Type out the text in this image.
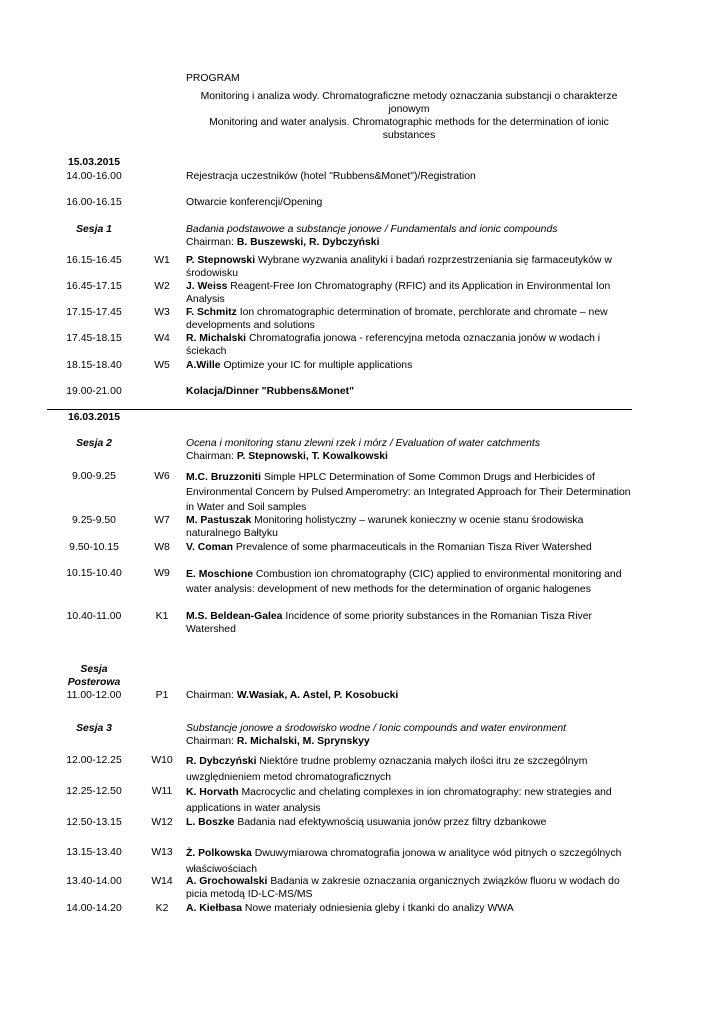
PROGRAM
Monitoring i analiza wody. Chromatograficzne metody oznaczania substancji o charakterze jonowym
Monitoring and water analysis. Chromatographic methods for the determination of ionic substances
15.03.2015
14.00-16.00	Rejestracja uczestników (hotel "Rubbens&Monet")/Registration
16.00-16.15	Otwarcie konferencji/Opening
Sesja 1	Badania podstawowe a substancje jonowe / Fundamentals and ionic compounds
Chairman: B. Buszewski, R. Dybczyński
16.15-16.45	W1	P. Stepnowski Wybrane wyzwania analityki i badań rozprzestrzeniania się farmaceutyków w środowisku
16.45-17.15	W2	J. Weiss Reagent-Free Ion Chromatography (RFIC) and its Application in Environmental Ion Analysis
17.15-17.45	W3	F. Schmitz Ion chromatographic determination of bromate, perchlorate and chromate – new developments and solutions
17.45-18.15	W4	R. Michalski Chromatografia jonowa - referencyjna metoda oznaczania jonów w wodach i ściekach
18.15-18.40	W5	A.Wille Optimize your IC for multiple applications
19.00-21.00	Kolacja/Dinner "Rubbens&Monet"
16.03.2015
Sesja 2	Ocena i monitoring stanu zlewni rzek i mórz / Evaluation of water catchments
Chairman: P. Stepnowski, T. Kowalkowski
9.00-9.25	W6	M.C. Bruzzoniti Simple HPLC Determination of Some Common Drugs and Herbicides of Environmental Concern by Pulsed Amperometry: an Integrated Approach for Their Determination in Water and Soil samples
9.25-9.50	W7	M. Pastuszak Monitoring holistyczny – warunek konieczny w ocenie stanu środowiska naturalnego Bałtyku
9.50-10.15	W8	V. Coman Prevalence of some pharmaceuticals in the Romanian Tisza River Watershed
10.15-10.40	W9	E. Moschione Combustion ion chromatography (CIC) applied to environmental monitoring and water analysis: development of new methods for the determination of organic halogenes
10.40-11.00	K1	M.S. Beldean-Galea Incidence of some priority substances in the Romanian Tisza River Watershed
Sesja
Posterowa
11.00-12.00	P1	Chairman: W.Wasiak, A. Astel, P. Kosobucki
Sesja 3	Substancje jonowe a środowisko wodne / Ionic compounds and water environment
Chairman: R. Michalski, M. Sprynskyy
12.00-12.25	W10	R. Dybczyński Niektóre trudne problemy oznaczania małych ilości itru ze szczególnym uwzględnieniem metod chromatograficznych
12.25-12.50	W11	K. Horvath Macrocyclic and chelating complexes in ion chromatography: new strategies and applications in water analysis
12.50-13.15	W12	L. Boszke Badania nad efektywnością usuwania jonów przez filtry dzbankowe
13.15-13.40	W13	Ż. Polkowska Dwuwymiarowa chromatografia jonowa w analityce wód pitnych o szczególnych właściwościach
13.40-14.00	W14	A. Grochowalski Badania w zakresie oznaczania organicznych związków fluoru w wodach do picia metodą ID-LC-MS/MS
14.00-14.20	K2	A. Kiełbasa Nowe materiały odniesienia gleby i tkanki do analizy WWA
